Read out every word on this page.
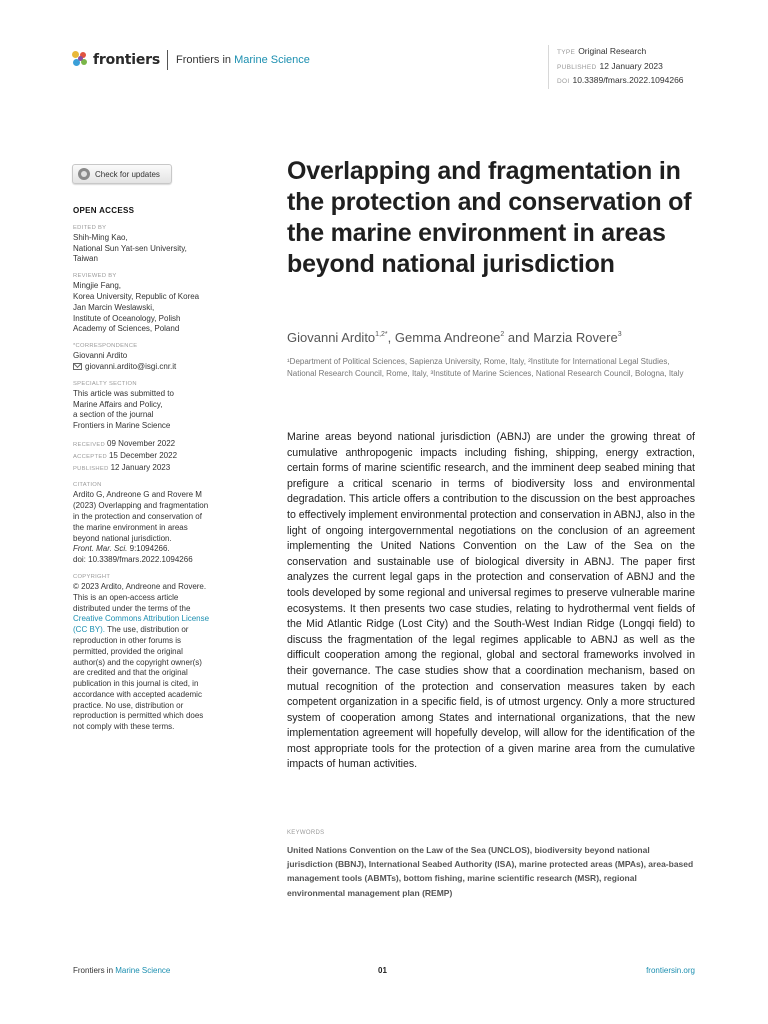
frontiers Frontiers in Marine Science
TYPE Original Research
PUBLISHED 12 January 2023
DOI 10.3389/fmars.2022.1094266
Check for updates
OPEN ACCESS
EDITED BY

Shih-Ming Kao,
National Sun Yat-sen University,
Taiwan

REVIEWED BY

Mingjie Fang,
Korea University, Republic of Korea
Jan Marcin Weslawski,
Institute of Oceanology, Polish
Academy of Sciences, Poland

*CORRESPONDENCE

Giovanni Ardito

giovanni.ardito@isgi.cnr.it

SPECIALTY SECTION

This article was submitted to
Marine Affairs and Policy,
a section of the journal
Frontiers in Marine Science

RECEIVED 09 November 2022
ACCEPTED 15 December 2022
PUBLISHED 12 January 2023
CITATION

Ardito G, Andreone G and Rovere M
(2023) Overlapping and fragmentation
in the protection and conservation of
the marine environment in areas
beyond national jurisdiction.

Front. Mar. Sci. 9:1094266.

doi: 10.3389/fmars.2022.1094266

COPYRIGHT

© 2023 Ardito, Andreone and Rovere.
This is an open-access article
distributed under the terms of the
Creative Commons Attribution License
(CC BY). The use, distribution or
reproduction in other forums is
permitted, provided the original
author(s) and the copyright owner(s)
are credited and that the original
publication in this journal is cited, in
accordance with accepted academic
practice. No use, distribution or
reproduction is permitted which does
not comply with these terms.

Overlapping and fragmentation in the protection and conservation of the marine environment in areas beyond national jurisdiction
Giovanni Ardito$^{1,2*}$, Gemma Andreone$^2$ and Marzia Rovere$^3$
¹Department of Political Sciences, Sapienza University, Rome, Italy, ²Institute for International Legal Studies, National Research Council, Rome, Italy, ³Institute of Marine Sciences, National Research Council, Bologna, Italy
Marine areas beyond national jurisdiction (ABNJ) are under the growing threat of cumulative anthropogenic impacts including fishing, shipping, energy extraction, certain forms of marine scientific research, and the imminent deep seabed mining that prefigure a critical scenario in terms of biodiversity loss and environmental degradation. This article offers a contribution to the discussion on the best approaches to effectively implement environmental protection and conservation in ABNJ, also in the light of ongoing intergovernmental negotiations on the conclusion of an agreement implementing the United Nations Convention on the Law of the Sea on the conservation and sustainable use of biological diversity in ABNJ. The paper first analyzes the current legal gaps in the protection and conservation of ABNJ and the tools developed by some regional and universal regimes to preserve vulnerable marine ecosystems. It then presents two case studies, relating to hydrothermal vent fields of the Mid Atlantic Ridge (Lost City) and the South-West Indian Ridge (Longqi field) to discuss the fragmentation of the legal regimes applicable to ABNJ as well as the difficult cooperation among the regional, global and sectoral frameworks involved in their governance. The case studies show that a coordination mechanism, based on mutual recognition of the protection and conservation measures taken by each competent organization in a specific field, is of utmost urgency. Only a more structured system of cooperation among States and international organizations, that the new implementation agreement will hopefully develop, will allow for the identification of the most appropriate tools for the protection of a given marine area from the cumulative impacts of human activities.
KEYWORDS
United Nations Convention on the Law of the Sea (UNCLOS), biodiversity beyond national jurisdiction (BBNJ), International Seabed Authority (ISA), marine protected areas (MPAs), area-based management tools (ABMTs), bottom fishing, marine scientific research (MSR), regional environmental management plan (REMP)
Frontiers in Marine Science	01	frontiersin.org
